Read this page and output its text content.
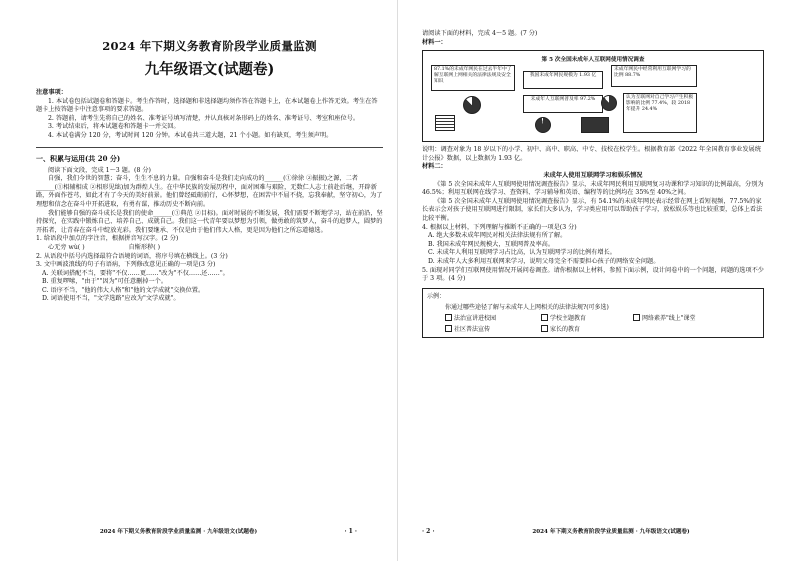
2024 年下期义务教育阶段学业质量监测

九年级语文(试题卷)

注意事项：

1. 本试卷包括试题卷和答题卡。考生作答时，选择题和非选择题均须作答在答题卡上，在本试题卷上作答无效。考生在答题卡上按答题卡中注意事项的要求答题。

2. 答题前，请考生先将自己的姓名、准考证号填写清楚，并认真核对条形码上的姓名、准考证号、考室和座位号。

3. 考试结束后，将本试题卷和答题卡一并交回。

4. 本试卷满分 120 分，考试时间 120 分钟。本试卷共三道大题，21 个小题。如有缺页，考生须声明。

一、积累与运用(共 20 分)

阅读下面文段，完成 1～3 题。(8 分)

自强，我们今世的智慧；奋斗，生生不息的力量。自强和奋斗是我们走向成功的______(①徐徐 ②振振)之源，二者______(①相辅相成 ②相形见绌)加为群煌人生。在中华民族的发展历程中，面对困难与艰险，无数仁人志士前赴后继，开辟新路，外面作苍芎，如此才有了今天的美好前景。他们曾经砥砺前行，心怀梦想，在困苦中不屈不挠，忘我奉献，坚守初心，为了理想和信念在奋斗中开拓进取，有勇有谋，推动历史不断向前。

我们能够自强的奋斗成长是我们的使命______(①典范 ②目标)。面对时展的不断发展，我们需要不断地学习，站在前沿，坚持探究，在实践中锻炼自己、培养自己、成就自己。我们这一代青年要以梦想为引领，做勇敢的筑梦人，奋斗的追梦人，圆梦的开拓者，让青春在奋斗中绽放光彩。我们要继承、不仅是由于他们伟大人格，更是因为他们之所忘道德选。

1. 给语段中加点的字注音，根据拼音写汉字。(2 分)

心无旁 wù( )	自惭形秽( )

2. 从语段中括号内选择最符合语境的词语，将序号填在横线上。(3 分)

3. 文中画波浪线的句子有语病，下列修改意见正确的一项是(3 分)

A. 关联词搭配不当，要将"不仅……更……"改为"不仅……还……"。

B. 重复啰嗦，"由于""因为"可任意删掉一个。

C. 语序不当，"他的伟大人格"和"他的文学成就"交换位置。

D. 词语使用不当，"文学选路"应改为"文学成就"。

2024 年下期义务教育阶段学业质量监测 · 九年级语文(试题卷)	· 1 ·

请阅读下面的材料，完成 4～5 题。(7 分)

材料一：

第 5 次全国未成年人互联网使用情况调查
87.1%的未成年网民在过去半年中了解互联网上网相关的法律法规及安全知识
我国未成年网民规模为 1.93 亿
未成年人互联网普及率 97.2%
未成年网民中经常利用互联网学习的比例 88.7%
认为互联网对自己学习产生积极影响的比例 77.4%，较 2018 年提升 24.4%

说明：调查对象为 18 岁以下的小学、初中、高中、职高、中专、技校在校学生。根据教育部《2022 年全国教育事业发展统计公报》数据，以上数据为 1.93 亿。

材料二：

未成年人使用互联网学习和娱乐情况

《第 5 次全国未成年人互联网使用情况调查报告》显示，未成年网民利用互联网复习功课和学习知识的比例最高，分别为 46.5%；利用互联网在线学习、查资料、学习辅导和英语、编程等的比例均在 35%至 40%之间。

《第 5 次全国未成年人互联网使用情况调查报告》显示，有 54.1%的未成年网民表示经常在网上看短视频，77.5%的家长表示会对孩子使用互联网进行限制，家长们大多认为，学习类应用可以帮助孩子学习，放松娱乐等也比较重要，总体上看法比较平衡。

4. 根据以上材料，下列理解与推断不正确的一项是(3 分)

A. 绝大多数未成年网民对相关法律法规有所了解。

B. 我国未成年网民规模大，互联网普及率高。

C. 未成年人利用互联网学习占比高，认为互联网学习的比例有增长。

D. 未成年人大多利用互联网来学习，说明父母完全不需要担心孩子的网络安全问题。

5. 面现对同学们互联网使用情况开展问卷调查。请你根据以上材料，参照下面示例，设计问卷中的一个问题，问题的选项不少于 3 项。(4 分)

示例：
你通过哪些途径了解与未成年人上网相关的法律法规?(可多选)
法治宣讲进校园	学校主题教育	网络素养"线上"课堂
社区普法宣传	家长的教育
· 2 ·	2024 年下期义务教育阶段学业质量监测 · 九年级语文(试题卷)
